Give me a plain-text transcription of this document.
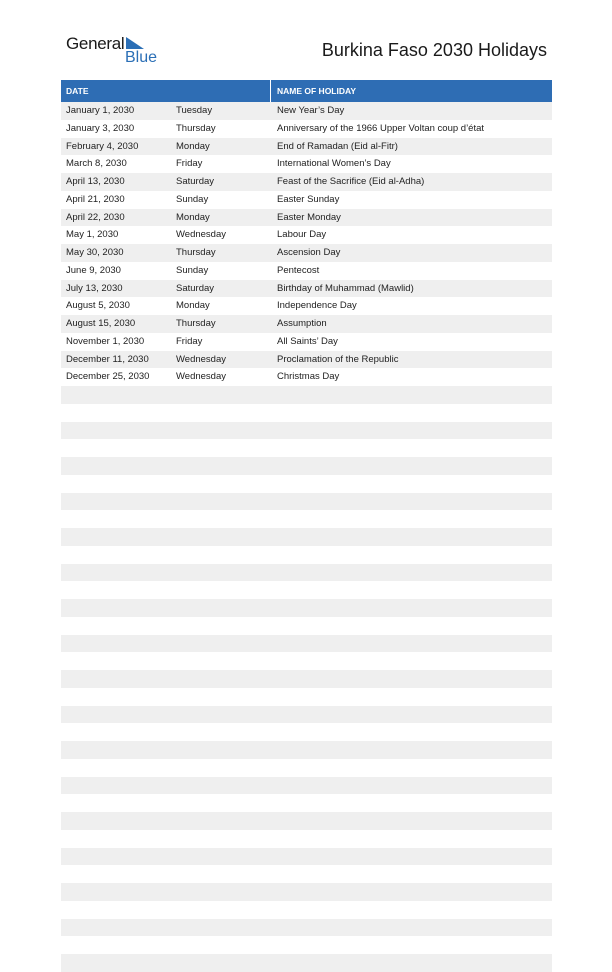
General
Blue	Burkina Faso 2030 Holidays
DATE	NAME OF HOLIDAY
January 1, 2030	Tuesday	New Year’s Day
January 3, 2030	Thursday	Anniversary of the 1966 Upper Voltan coup d’état
February 4, 2030	Monday	End of Ramadan (Eid al-Fitr)
March 8, 2030	Friday	International Women’s Day
April 13, 2030	Saturday	Feast of the Sacrifice (Eid al-Adha)
April 21, 2030	Sunday	Easter Sunday
April 22, 2030	Monday	Easter Monday
May 1, 2030	Wednesday	Labour Day
May 30, 2030	Thursday	Ascension Day
June 9, 2030	Sunday	Pentecost
July 13, 2030	Saturday	Birthday of Muhammad (Mawlid)
August 5, 2030	Monday	Independence Day
August 15, 2030	Thursday	Assumption
November 1, 2030	Friday	All Saints’ Day
December 11, 2030	Wednesday	Proclamation of the Republic
December 25, 2030	Wednesday	Christmas Day
